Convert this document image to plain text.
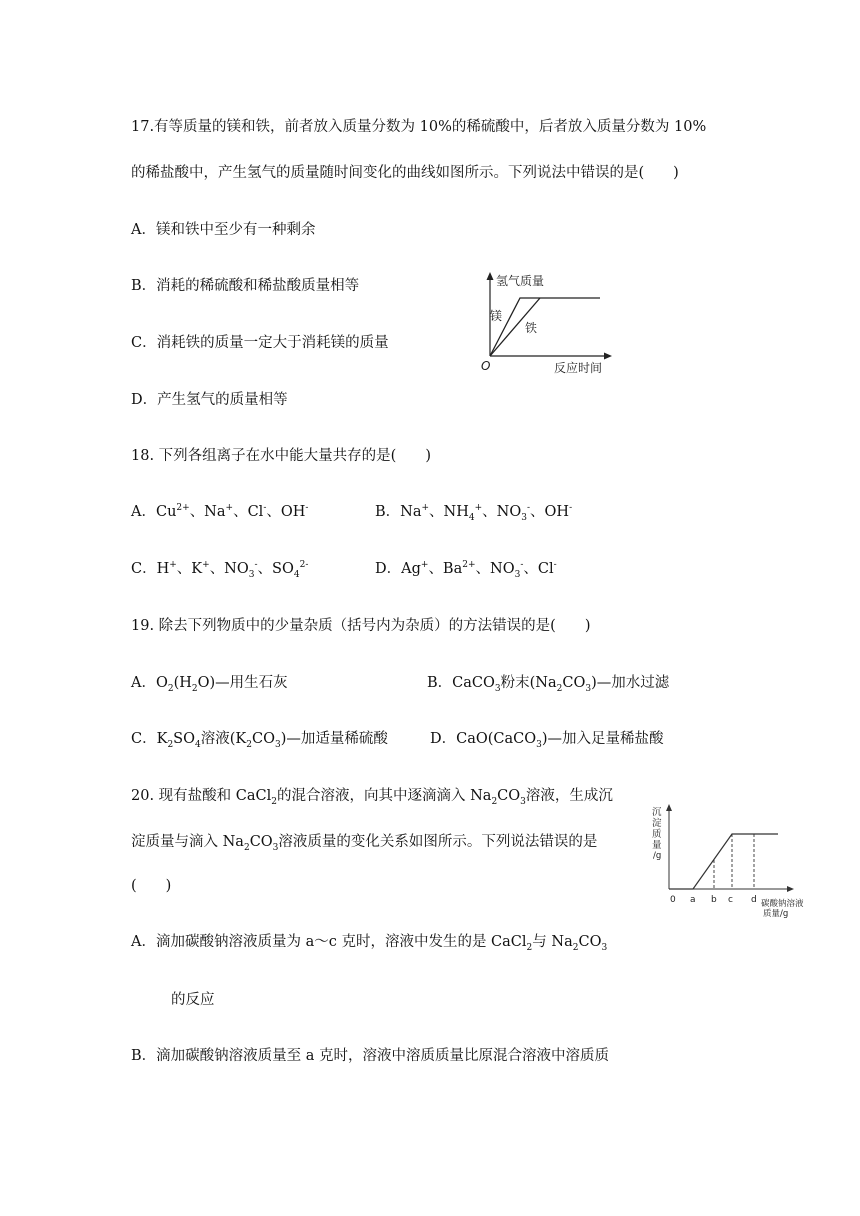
17.有等质量的镁和铁，前者放入质量分数为 10%的稀硫酸中，后者放入质量分数为 10%
的稀盐酸中，产生氢气的质量随时间变化的曲线如图所示。下列说法中错误的是(　　)
A．镁和铁中至少有一种剩余
B．消耗的稀硫酸和稀盐酸质量相等
C．消耗铁的质量一定大于消耗镁的质量
D．产生氢气的质量相等
氢气质量
反应时间
O
镁
铁
18. 下列各组离子在水中能大量共存的是(　　)
A．$Cu^{2+}$、Na+、Cl-、OH-	B．Na+、$NH_4^+$、$NO_3^-$、OH-
C．H+、K+、$NO_3^-$、$SO_4^{2-}$	D．Ag+、$Ba^{2+}$、$NO_3^-$、Cl-
19. 除去下列物质中的少量杂质（括号内为杂质）的方法错误的是(　　)
A．$O_2(H_2O)—$用生石灰	B．CaCO$_3$粉末$(Na_2CO_3)—$加水过滤
C．$K_2SO_4$溶液$(K_2CO_3)—$加适量稀硫酸	D．CaO(CaCO$_3$)—加入足量稀盐酸
20. 现有盐酸和 CaCl$_2$的混合溶液，向其中逐滴滴入 $Na_2CO_3$溶液，生成沉
淀质量与滴入 $Na_2CO_3$溶液质量的变化关系如图所示。下列说法错误的是
(　　)
A．滴加碳酸钠溶液质量为 a～c 克时，溶液中发生的是 CaCl$_2$与 $Na_2CO_3$
的反应
B．滴加碳酸钠溶液质量至 a 克时，溶液中溶质质量比原混合溶液中溶质质
沉
淀
质
量
/g
0 a b c d 碳酸钠溶液
质量/g
